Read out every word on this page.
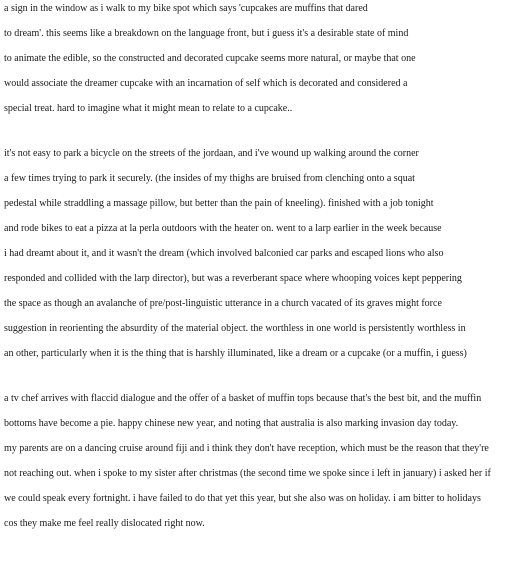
a sign in the window as i walk to my bike spot which says 'cupcakes are muffins that dared
to dream'. this seems like a breakdown on the language front, but i guess it's a desirable state of mind
to animate the edible, so the constructed and decorated cupcake seems more natural, or maybe that one
would associate the dreamer cupcake with an incarnation of self which is decorated and considered a
special treat. hard to imagine what it might mean to relate to a cupcake..
it's not easy to park a bicycle on the streets of the jordaan, and i've wound up walking around the corner
a few times trying to park it securely. (the insides of my thighs are bruised from clenching onto a squat
pedestal while straddling a massage pillow, but better than the pain of kneeling). finished with a job tonight
and rode bikes to eat a pizza at la perla outdoors with the heater on. went to a larp earlier in the week because
i had dreamt about it, and it wasn't the dream (which involved balconied car parks and escaped lions who also
responded and collided with the larp director), but was a reverberant space where whooping voices kept peppering
the space as though an avalanche of pre/post-linguistic utterance in a church vacated of its graves might force
suggestion in reorienting the absurdity of the material object. the worthless in one world is persistently worthless in
an other, particularly when it is the thing that is harshly illuminated, like a dream or a cupcake (or a muffin, i guess)
a tv chef arrives with flaccid dialogue and the offer of a basket of muffin tops because that's the best bit, and the muffin
bottoms have become a pie. happy chinese new year, and noting that australia is also marking invasion day today.
my parents are on a dancing cruise around fiji and i think they don't have reception, which must be the reason that they're
not reaching out. when i spoke to my sister after christmas (the second time we spoke since i left in january) i asked her if
we could speak every fortnight. i have failed to do that yet this year, but she also was on holiday. i am bitter to holidays
cos they make me feel really dislocated right now.
